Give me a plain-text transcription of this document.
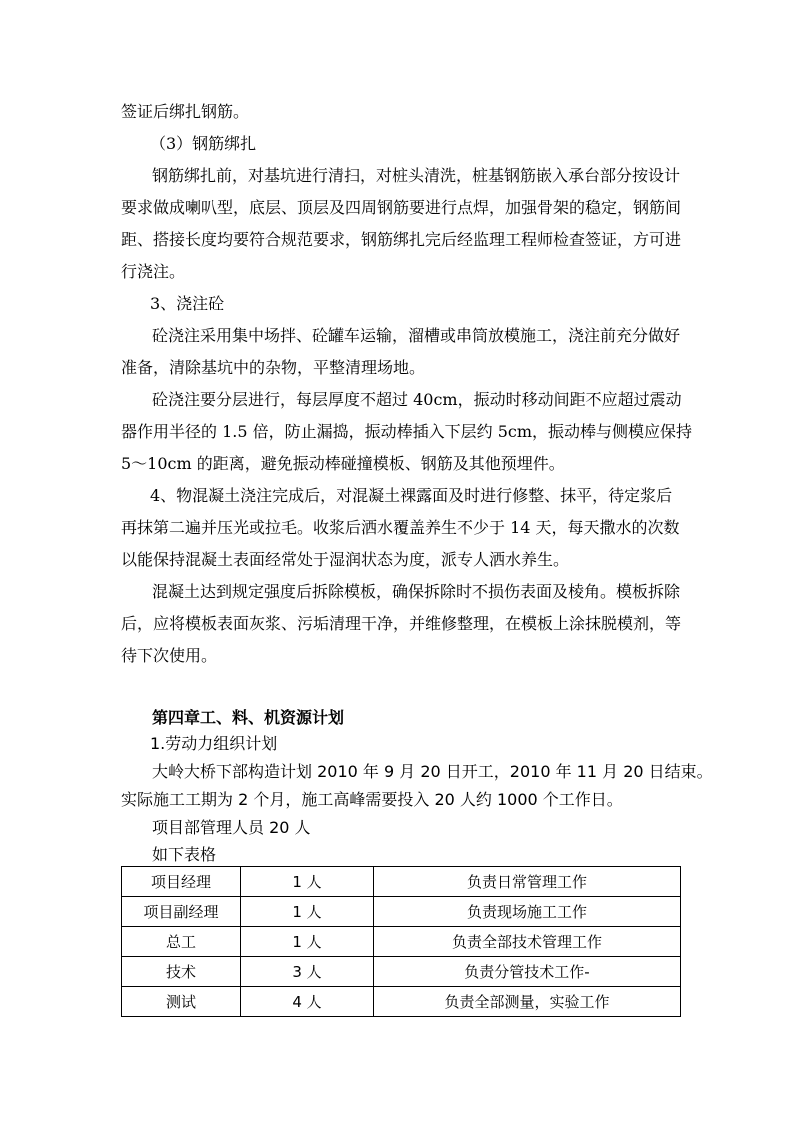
签证后绑扎钢筋。
（3）钢筋绑扎
钢筋绑扎前，对基坑进行清扫，对桩头清洗，桩基钢筋嵌入承台部分按设计
要求做成喇叭型，底层、顶层及四周钢筋要进行点焊，加强骨架的稳定，钢筋间
距、搭接长度均要符合规范要求，钢筋绑扎完后经监理工程师检查签证，方可进
行浇注。
3、浇注砼
砼浇注采用集中场拌、砼罐车运输，溜槽或串筒放模施工，浇注前充分做好
准备，清除基坑中的杂物，平整清理场地。
砼浇注要分层进行，每层厚度不超过 40cm，振动时移动间距不应超过震动
器作用半径的 1.5 倍，防止漏捣，振动棒插入下层约 5cm，振动棒与侧模应保持
5～10cm 的距离，避免振动棒碰撞模板、钢筋及其他预埋件。
4、物混凝土浇注完成后，对混凝土裸露面及时进行修整、抹平，待定浆后
再抹第二遍并压光或拉毛。收浆后洒水覆盖养生不少于 14 天，每天撒水的次数
以能保持混凝土表面经常处于湿润状态为度，派专人洒水养生。
混凝土达到规定强度后拆除模板，确保拆除时不损伤表面及棱角。模板拆除
后，应将模板表面灰浆、污垢清理干净，并维修整理，在模板上涂抹脱模剂，等
待下次使用。
第四章工、料、机资源计划
1.劳动力组织计划
大岭大桥下部构造计划 2010 年 9 月 20 日开工，2010 年 11 月 20 日结束。
实际施工工期为 2 个月，施工高峰需要投入 20 人约 1000 个工作日。
项目部管理人员 20 人
如下表格
项目经理	1 人	负责日常管理工作
项目副经理	1 人	负责现场施工工作
总工	1 人	负责全部技术管理工作
技术	3 人	负责分管技术工作-
测试	4 人	负责全部测量，实验工作
